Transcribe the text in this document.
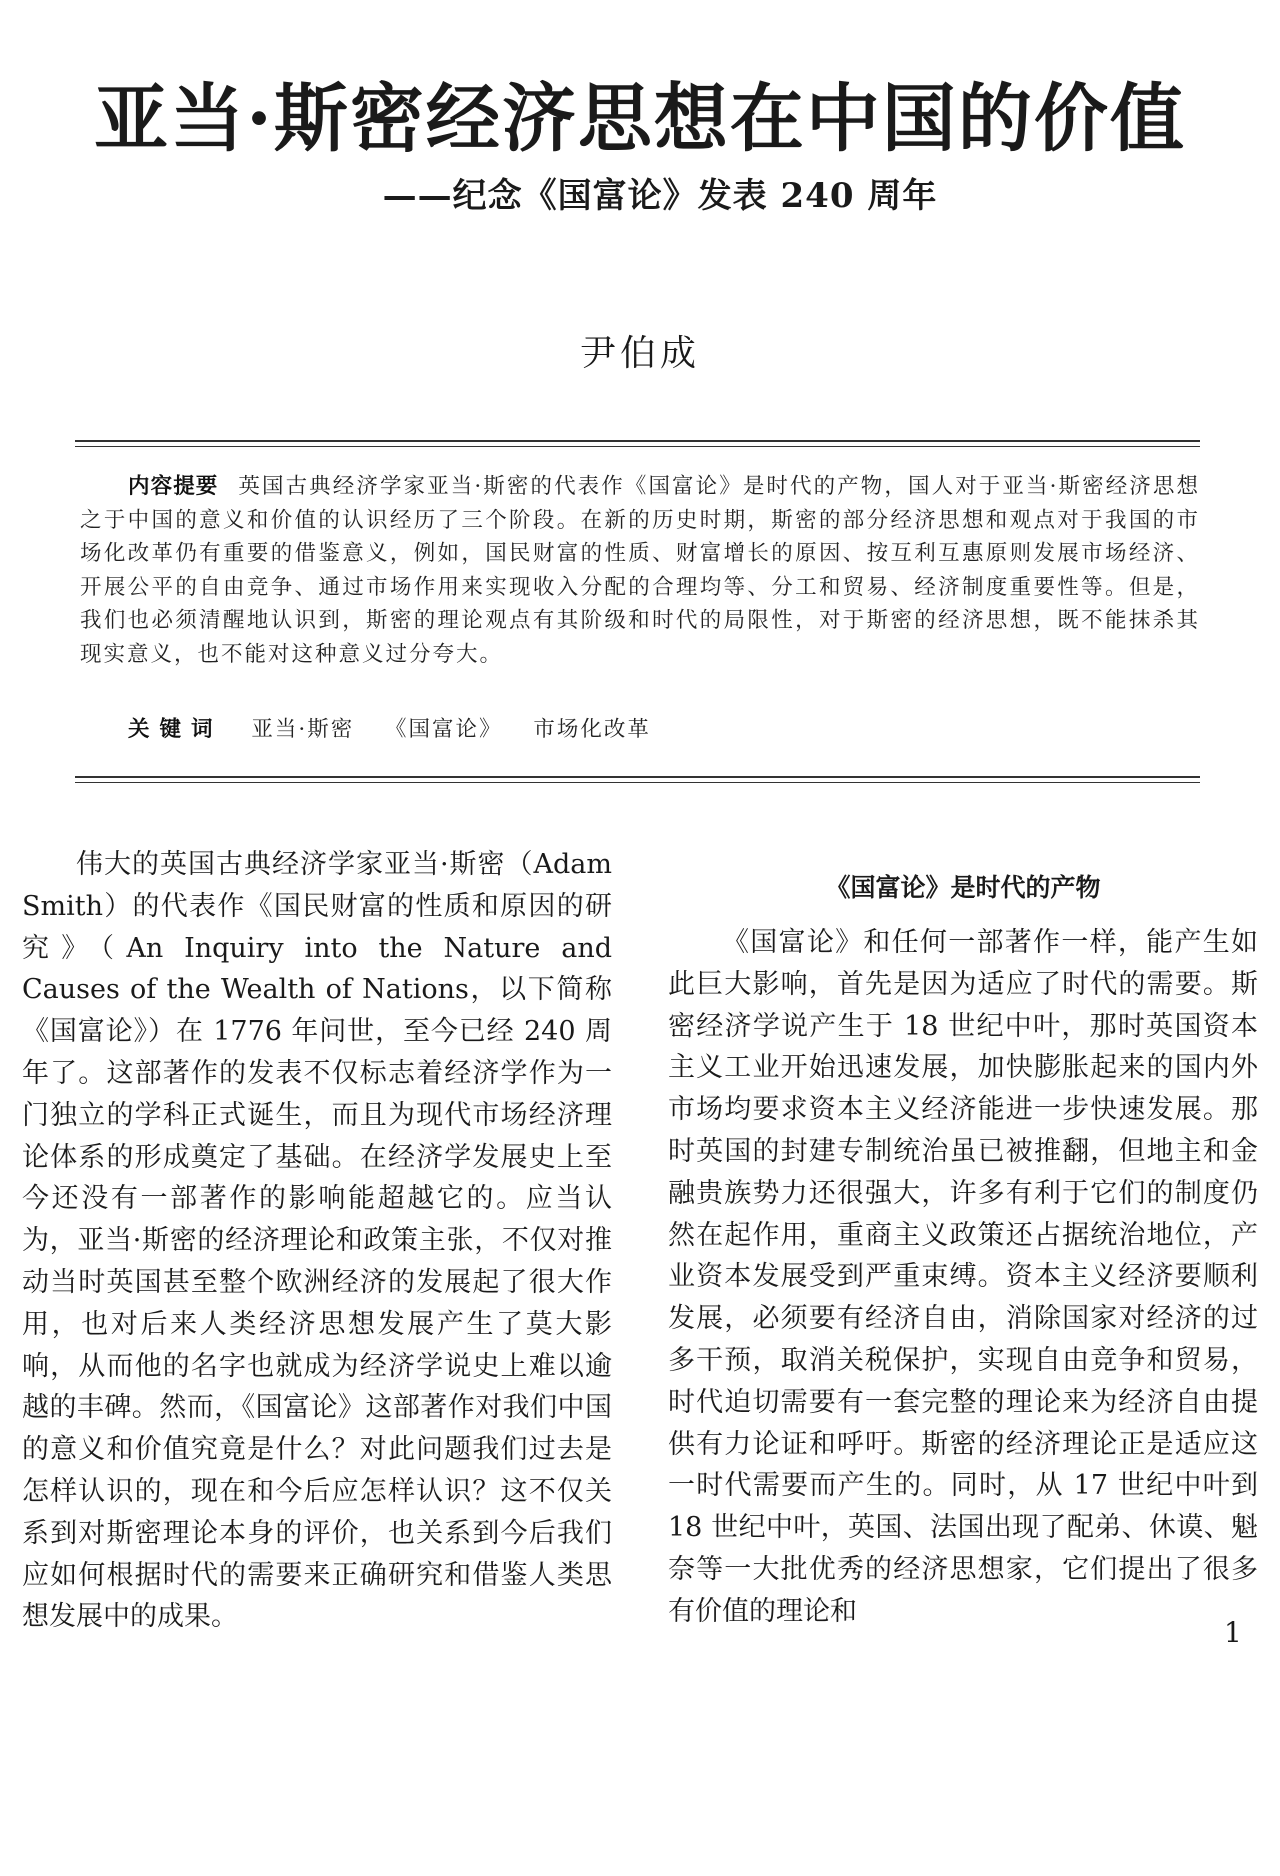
亚当·斯密经济思想在中国的价值
——纪念《国富论》发表 240 周年

尹伯成

内容提要 英国古典经济学家亚当·斯密的代表作《国富论》是时代的产物，国人对于亚当·斯密经济思想之于中国的意义和价值的认识经历了三个阶段。在新的历史时期，斯密的部分经济思想和观点对于我国的市场化改革仍有重要的借鉴意义，例如，国民财富的性质、财富增长的原因、按互利互惠原则发展市场经济、开展公平的自由竞争、通过市场作用来实现收入分配的合理均等、分工和贸易、经济制度重要性等。但是，我们也必须清醒地认识到，斯密的理论观点有其阶级和时代的局限性，对于斯密的经济思想，既不能抹杀其现实意义，也不能对这种意义过分夸大。
关键词 亚当·斯密 《国富论》 市场化改革

伟大的英国古典经济学家亚当·斯密（Adam Smith）的代表作《国民财富的性质和原因的研究》（An Inquiry into the Nature and Causes of the Wealth of Nations，以下简称《国富论》）在 1776 年问世，至今已经 240 周年了。这部著作的发表不仅标志着经济学作为一门独立的学科正式诞生，而且为现代市场经济理论体系的形成奠定了基础。在经济学发展史上至今还没有一部著作的影响能超越它的。应当认为，亚当·斯密的经济理论和政策主张，不仅对推动当时英国甚至整个欧洲经济的发展起了很大作用，也对后来人类经济思想发展产生了莫大影响，从而他的名字也就成为经济学说史上难以逾越的丰碑。然而，《国富论》这部著作对我们中国的意义和价值究竟是什么？对此问题我们过去是怎样认识的，现在和今后应怎样认识？这不仅关系到对斯密理论本身的评价，也关系到今后我们应如何根据时代的需要来正确研究和借鉴人类思想发展中的成果。

《国富论》是时代的产物

《国富论》和任何一部著作一样，能产生如此巨大影响，首先是因为适应了时代的需要。斯密经济学说产生于 18 世纪中叶，那时英国资本主义工业开始迅速发展，加快膨胀起来的国内外市场均要求资本主义经济能进一步快速发展。那时英国的封建专制统治虽已被推翻，但地主和金融贵族势力还很强大，许多有利于它们的制度仍然在起作用，重商主义政策还占据统治地位，产业资本发展受到严重束缚。资本主义经济要顺利发展，必须要有经济自由，消除国家对经济的过多干预，取消关税保护，实现自由竞争和贸易，时代迫切需要有一套完整的理论来为经济自由提供有力论证和呼吁。斯密的经济理论正是适应这一时代需要而产生的。同时，从 17 世纪中叶到 18 世纪中叶，英国、法国出现了配弟、休谟、魁奈等一大批优秀的经济思想家，它们提出了很多有价值的理论和

1
